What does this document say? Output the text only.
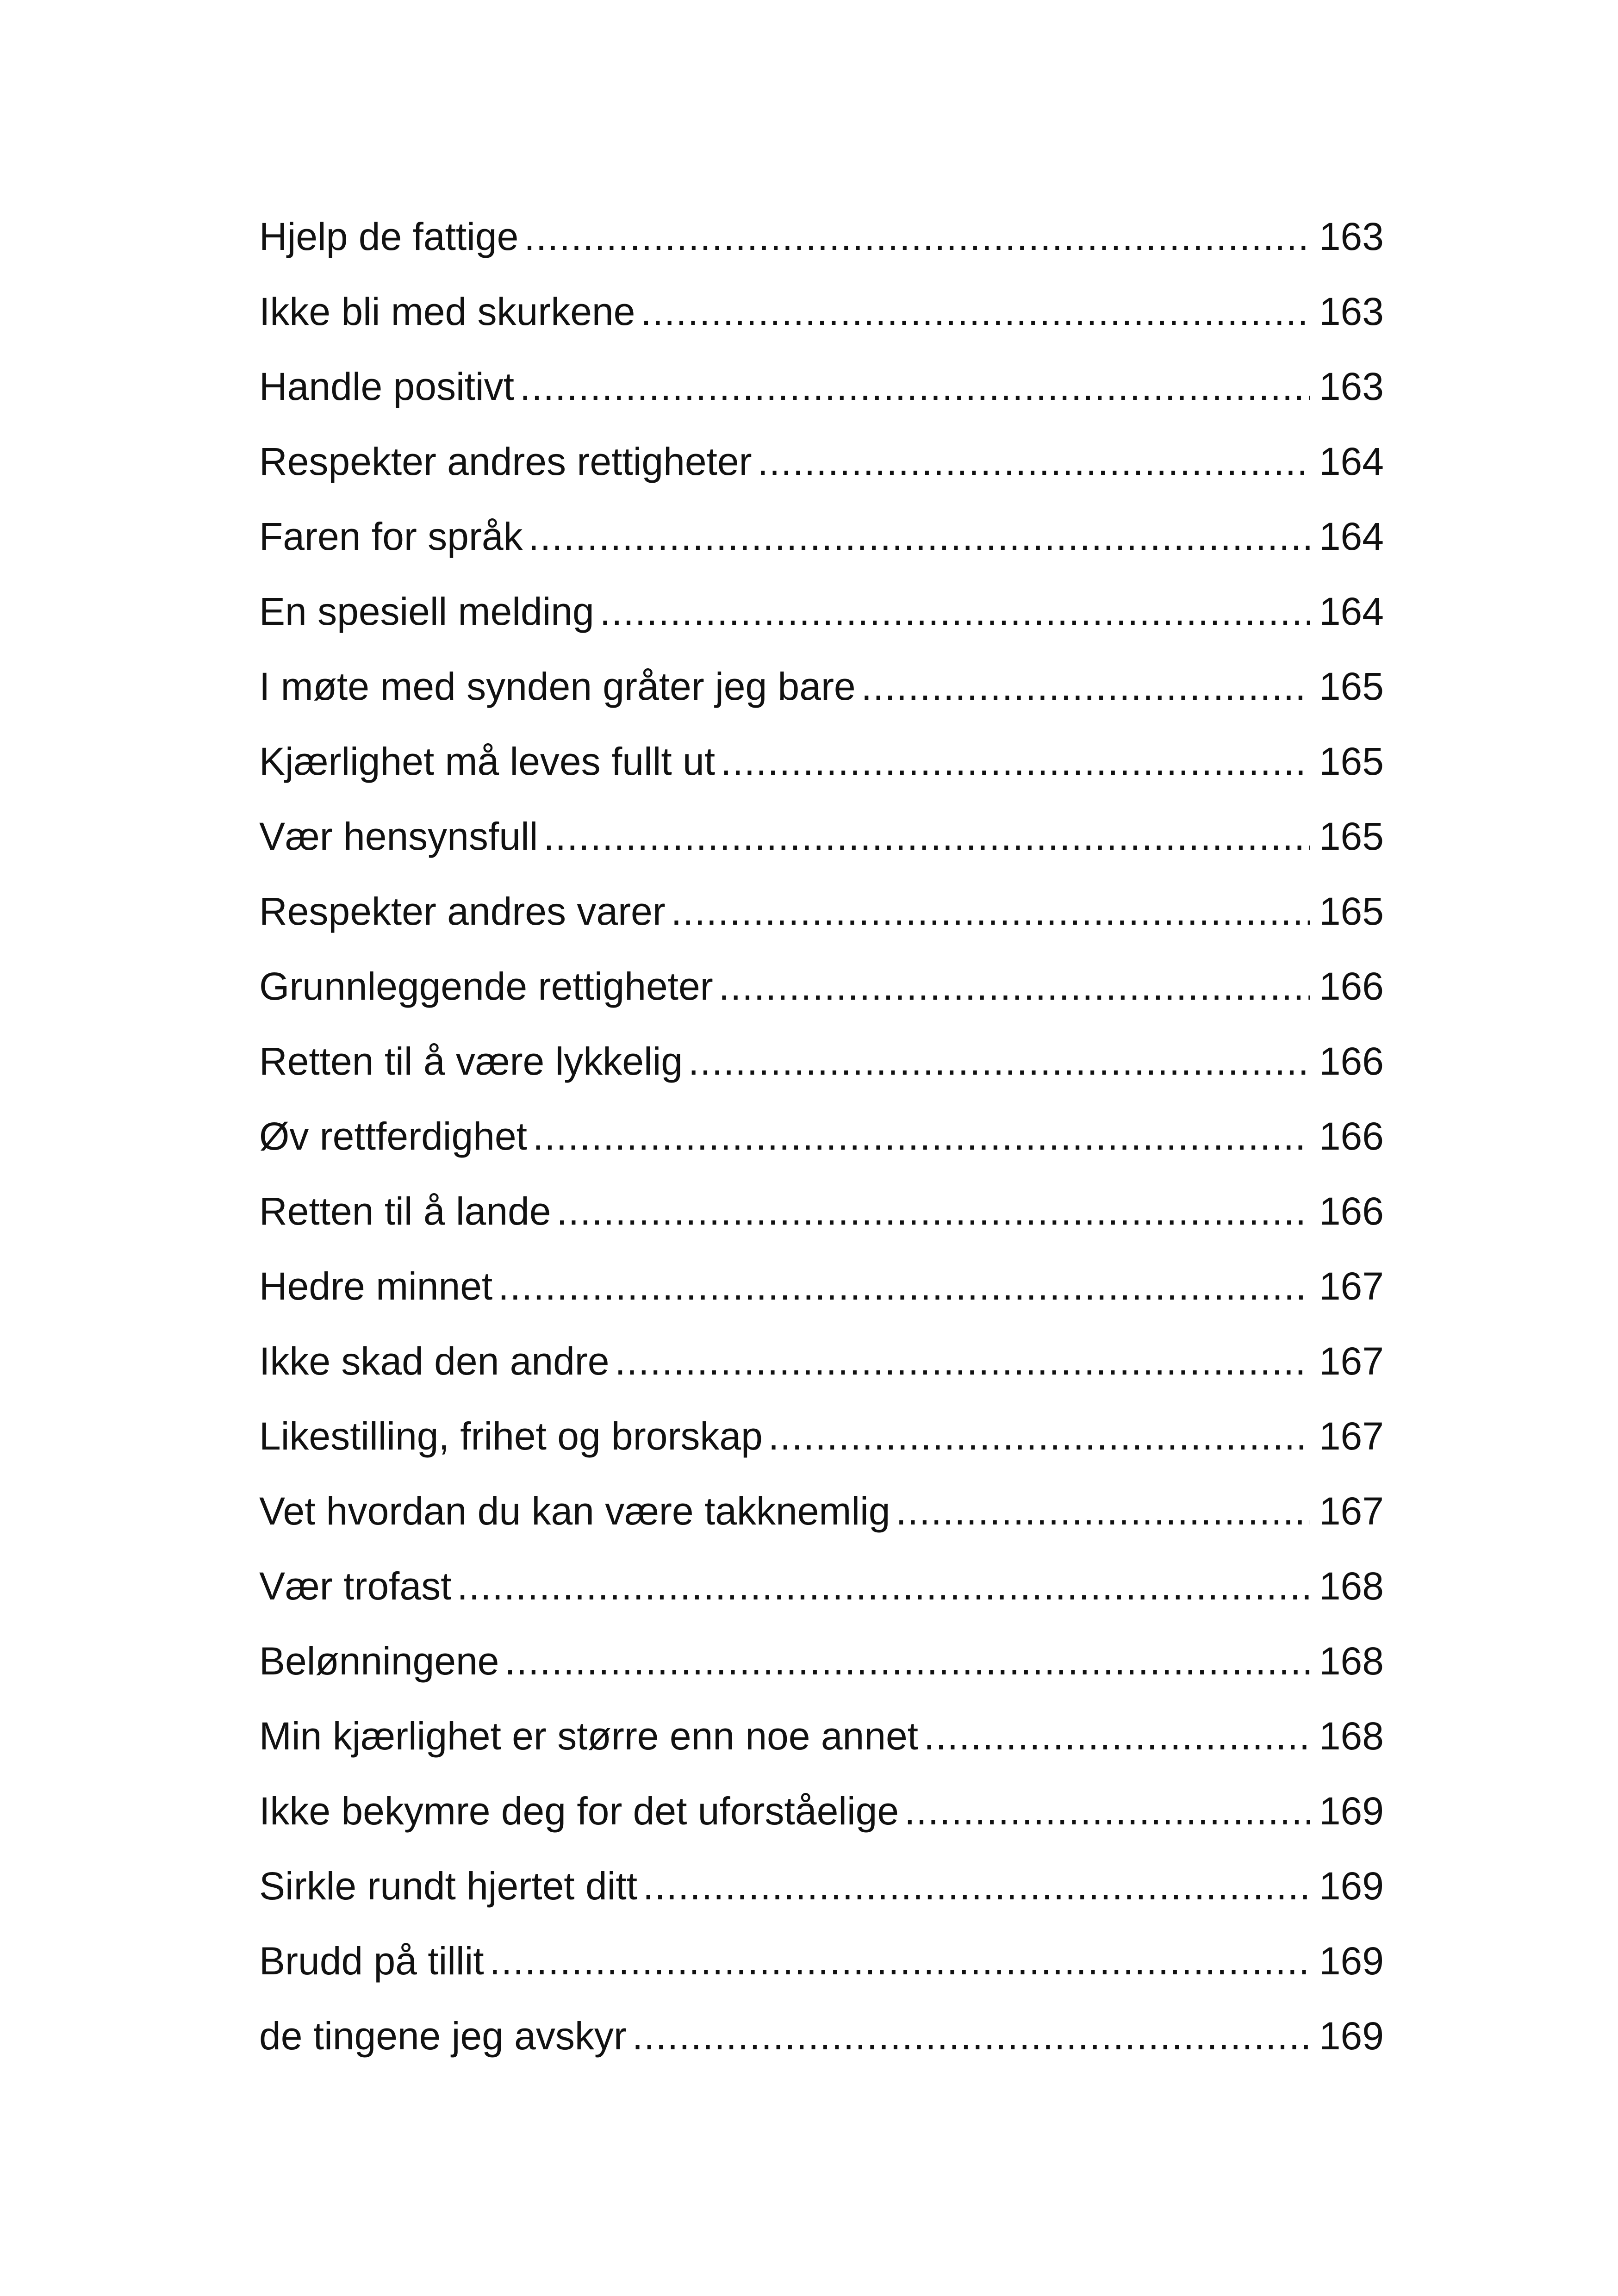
Hjelp de fattige .....	163
Ikke bli med skurkene .....	163
Handle positivt .....	163
Respekter andres rettigheter .....	164
Faren for språk .....	164
En spesiell melding .....	164
I møte med synden gråter jeg bare .....	165
Kjærlighet må leves fullt ut .....	165
Vær hensynsfull .....	165
Respekter andres varer .....	165
Grunnleggende rettigheter .....	166
Retten til å være lykkelig .....	166
Øv rettferdighet .....	166
Retten til å lande .....	166
Hedre minnet .....	167
Ikke skad den andre .....	167
Likestilling, frihet og brorskap .....	167
Vet hvordan du kan være takknemlig .....	167
Vær trofast .....	168
Belønningene .....	168
Min kjærlighet er større enn noe annet .....	168
Ikke bekymre deg for det uforståelige .....	169
Sirkle rundt hjertet ditt .....	169
Brudd på tillit .....	169
de tingene jeg avskyr .....	169
